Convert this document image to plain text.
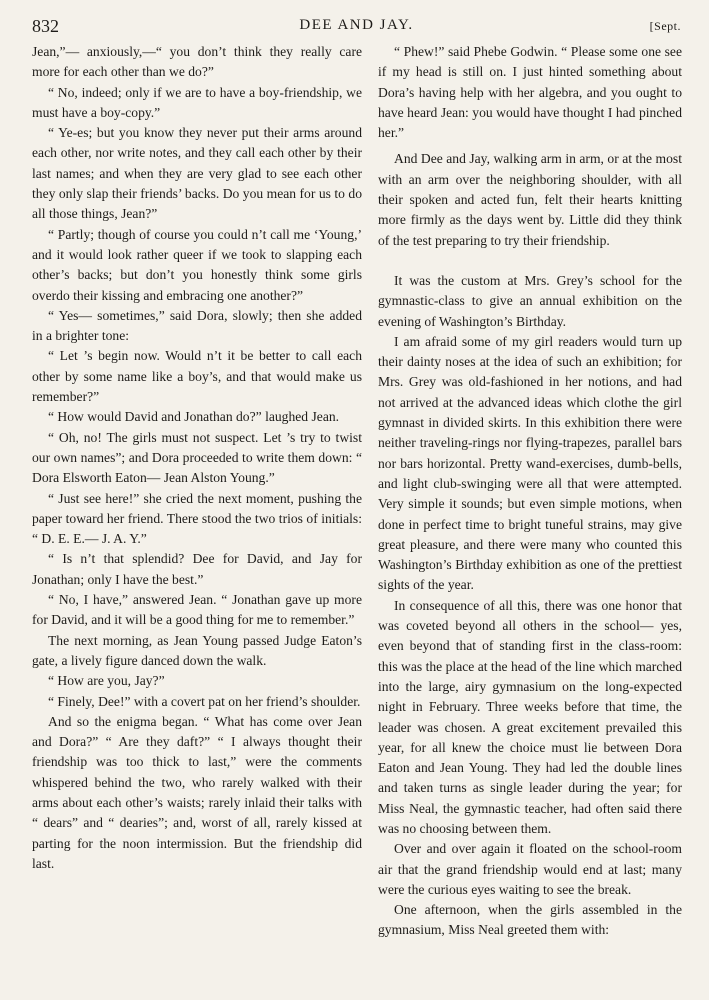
832	DEE AND JAY.	[Sept.

Jean,”— anxiously,—“ you don’t think they really care more for each other than we do?”

“ No, indeed; only if we are to have a boy-friendship, we must have a boy-copy.”

“ Ye-es; but you know they never put their arms around each other, nor write notes, and they call each other by their last names; and when they are very glad to see each other they only slap their friends’ backs. Do you mean for us to do all those things, Jean?”

“ Partly; though of course you could n’t call me ‘Young,’ and it would look rather queer if we took to slapping each other’s backs; but don’t you honestly think some girls overdo their kissing and embracing one another?”

“ Yes— sometimes,” said Dora, slowly; then she added in a brighter tone:

“ Let ’s begin now. Would n’t it be better to call each other by some name like a boy’s, and that would make us remember?”

“ How would David and Jonathan do?” laughed Jean.

“ Oh, no! The girls must not suspect. Let ’s try to twist our own names”; and Dora proceeded to write them down: “ Dora Elsworth Eaton— Jean Alston Young.”

“ Just see here!” she cried the next moment, pushing the paper toward her friend. There stood the two trios of initials: “ D. E. E.— J. A. Y.”

“ Is n’t that splendid? Dee for David, and Jay for Jonathan; only I have the best.”

“ No, I have,” answered Jean. “ Jonathan gave up more for David, and it will be a good thing for me to remember.”

The next morning, as Jean Young passed Judge Eaton’s gate, a lively figure danced down the walk.

“ How are you, Jay?”

“ Finely, Dee!” with a covert pat on her friend’s shoulder.

And so the enigma began. “ What has come over Jean and Dora?” “ Are they daft?” “ I always thought their friendship was too thick to last,” were the comments whispered behind the two, who rarely walked with their arms about each other’s waists; rarely inlaid their talks with “ dears” and “ dearies”; and, worst of all, rarely kissed at parting for the noon intermission. But the friendship did last.

“ Phew!” said Phebe Godwin. “ Please some one see if my head is still on. I just hinted something about Dora’s having help with her algebra, and you ought to have heard Jean: you would have thought I had pinched her.”

And Dee and Jay, walking arm in arm, or at the most with an arm over the neighboring shoulder, with all their spoken and acted fun, felt their hearts knitting more firmly as the days went by. Little did they think of the test preparing to try their friendship.

It was the custom at Mrs. Grey’s school for the gymnastic-class to give an annual exhibition on the evening of Washington’s Birthday.

I am afraid some of my girl readers would turn up their dainty noses at the idea of such an exhibition; for Mrs. Grey was old-fashioned in her notions, and had not arrived at the advanced ideas which clothe the girl gymnast in divided skirts. In this exhibition there were neither traveling-rings nor flying-trapezes, parallel bars nor bars horizontal. Pretty wand-exercises, dumb-bells, and light club-swinging were all that were attempted. Very simple it sounds; but even simple motions, when done in perfect time to bright tuneful strains, may give great pleasure, and there were many who counted this Washington’s Birthday exhibition as one of the prettiest sights of the year.

In consequence of all this, there was one honor that was coveted beyond all others in the school— yes, even beyond that of standing first in the class-room: this was the place at the head of the line which marched into the large, airy gymnasium on the long-expected night in February. Three weeks before that time, the leader was chosen. A great excitement prevailed this year, for all knew the choice must lie between Dora Eaton and Jean Young. They had led the double lines and taken turns as single leader during the year; for Miss Neal, the gymnastic teacher, had often said there was no choosing between them.

Over and over again it floated on the school-room air that the grand friendship would end at last; many were the curious eyes waiting to see the break.

One afternoon, when the girls assembled in the gymnasium, Miss Neal greeted them with:
